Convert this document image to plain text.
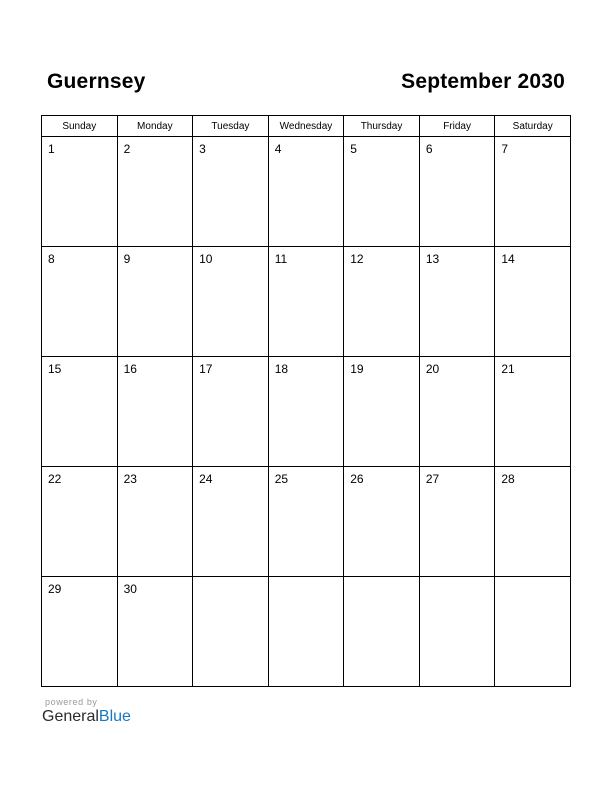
Guernsey	September 2030
Sunday	Monday	Tuesday	Wednesday	Thursday	Friday	Saturday

1	2	3	4	5	6	7

8	9	10	11	12	13	14

15	16	17	18	19	20	21

22	23	24	25	26	27	28

29	30					

powered by
GeneralBlue
